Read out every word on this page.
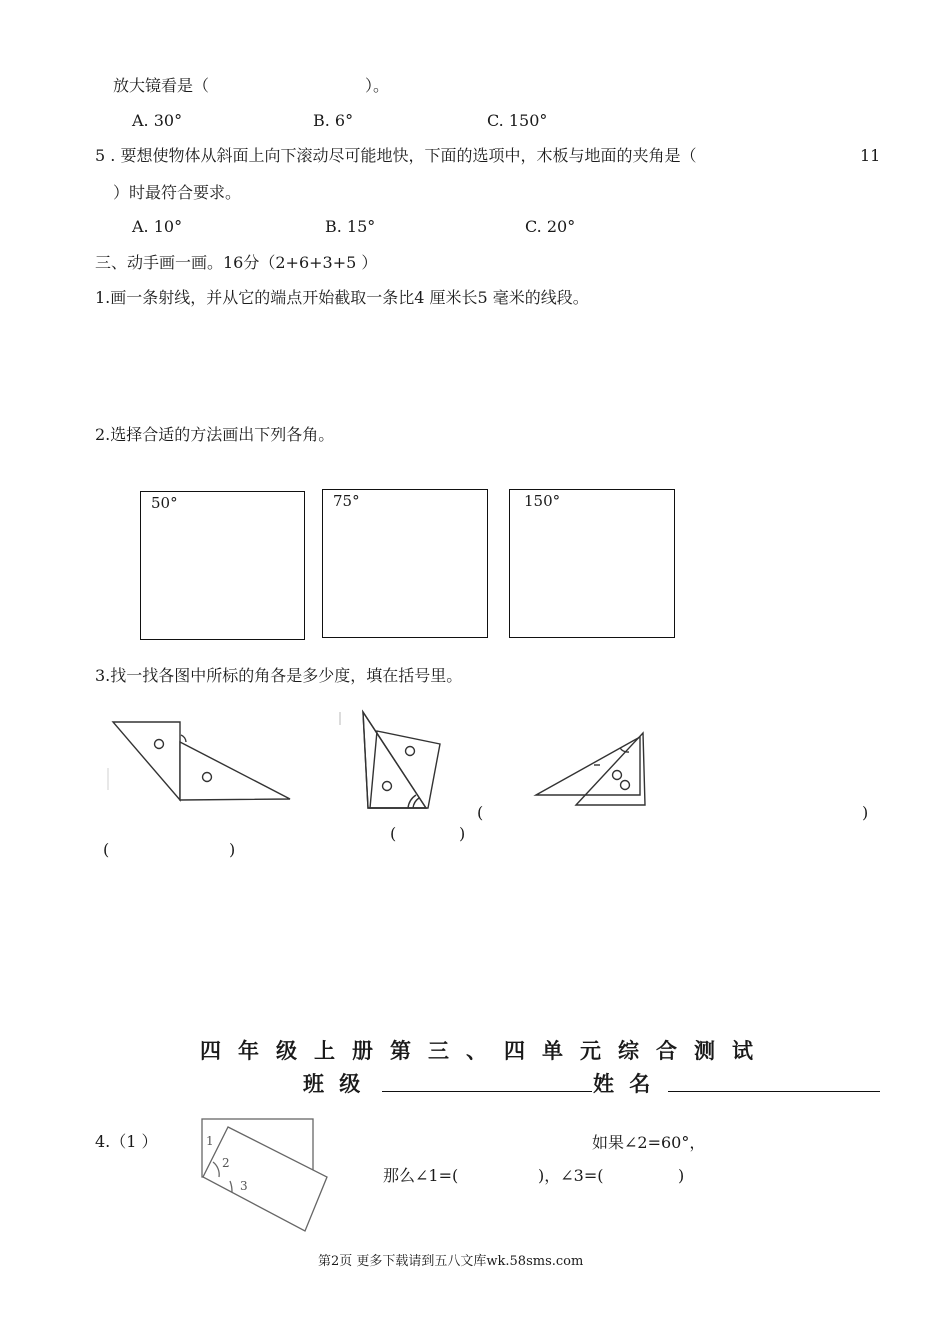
放大镜看是（	）。
A. 30°	B. 6°	C. 150°
5 . 要想使物体从斜面上向下滚动尽可能地快，下面的选项中，木板与地面的夹角是（	11
）时最符合要求。
A. 10°	B. 15°	C. 20°
三、动手画一画。16分（2+6+3+5 ）
1.画一条射线，并从它的端点开始截取一条比4 厘米长5 毫米的线段。
2.选择合适的方法画出下列各角。
50°	75°	150°
3.找一找各图中所标的角各是多少度，填在括号里。
(	)
(	)
(	)
四年级上册第三、四单元综合测试
班 级	姓 名
4.（1 ）	1
2
3
如果∠2=60°，
那么∠1=(	)，∠3=(	)
第2页 更多下载请到五八文库wk.58sms.com
